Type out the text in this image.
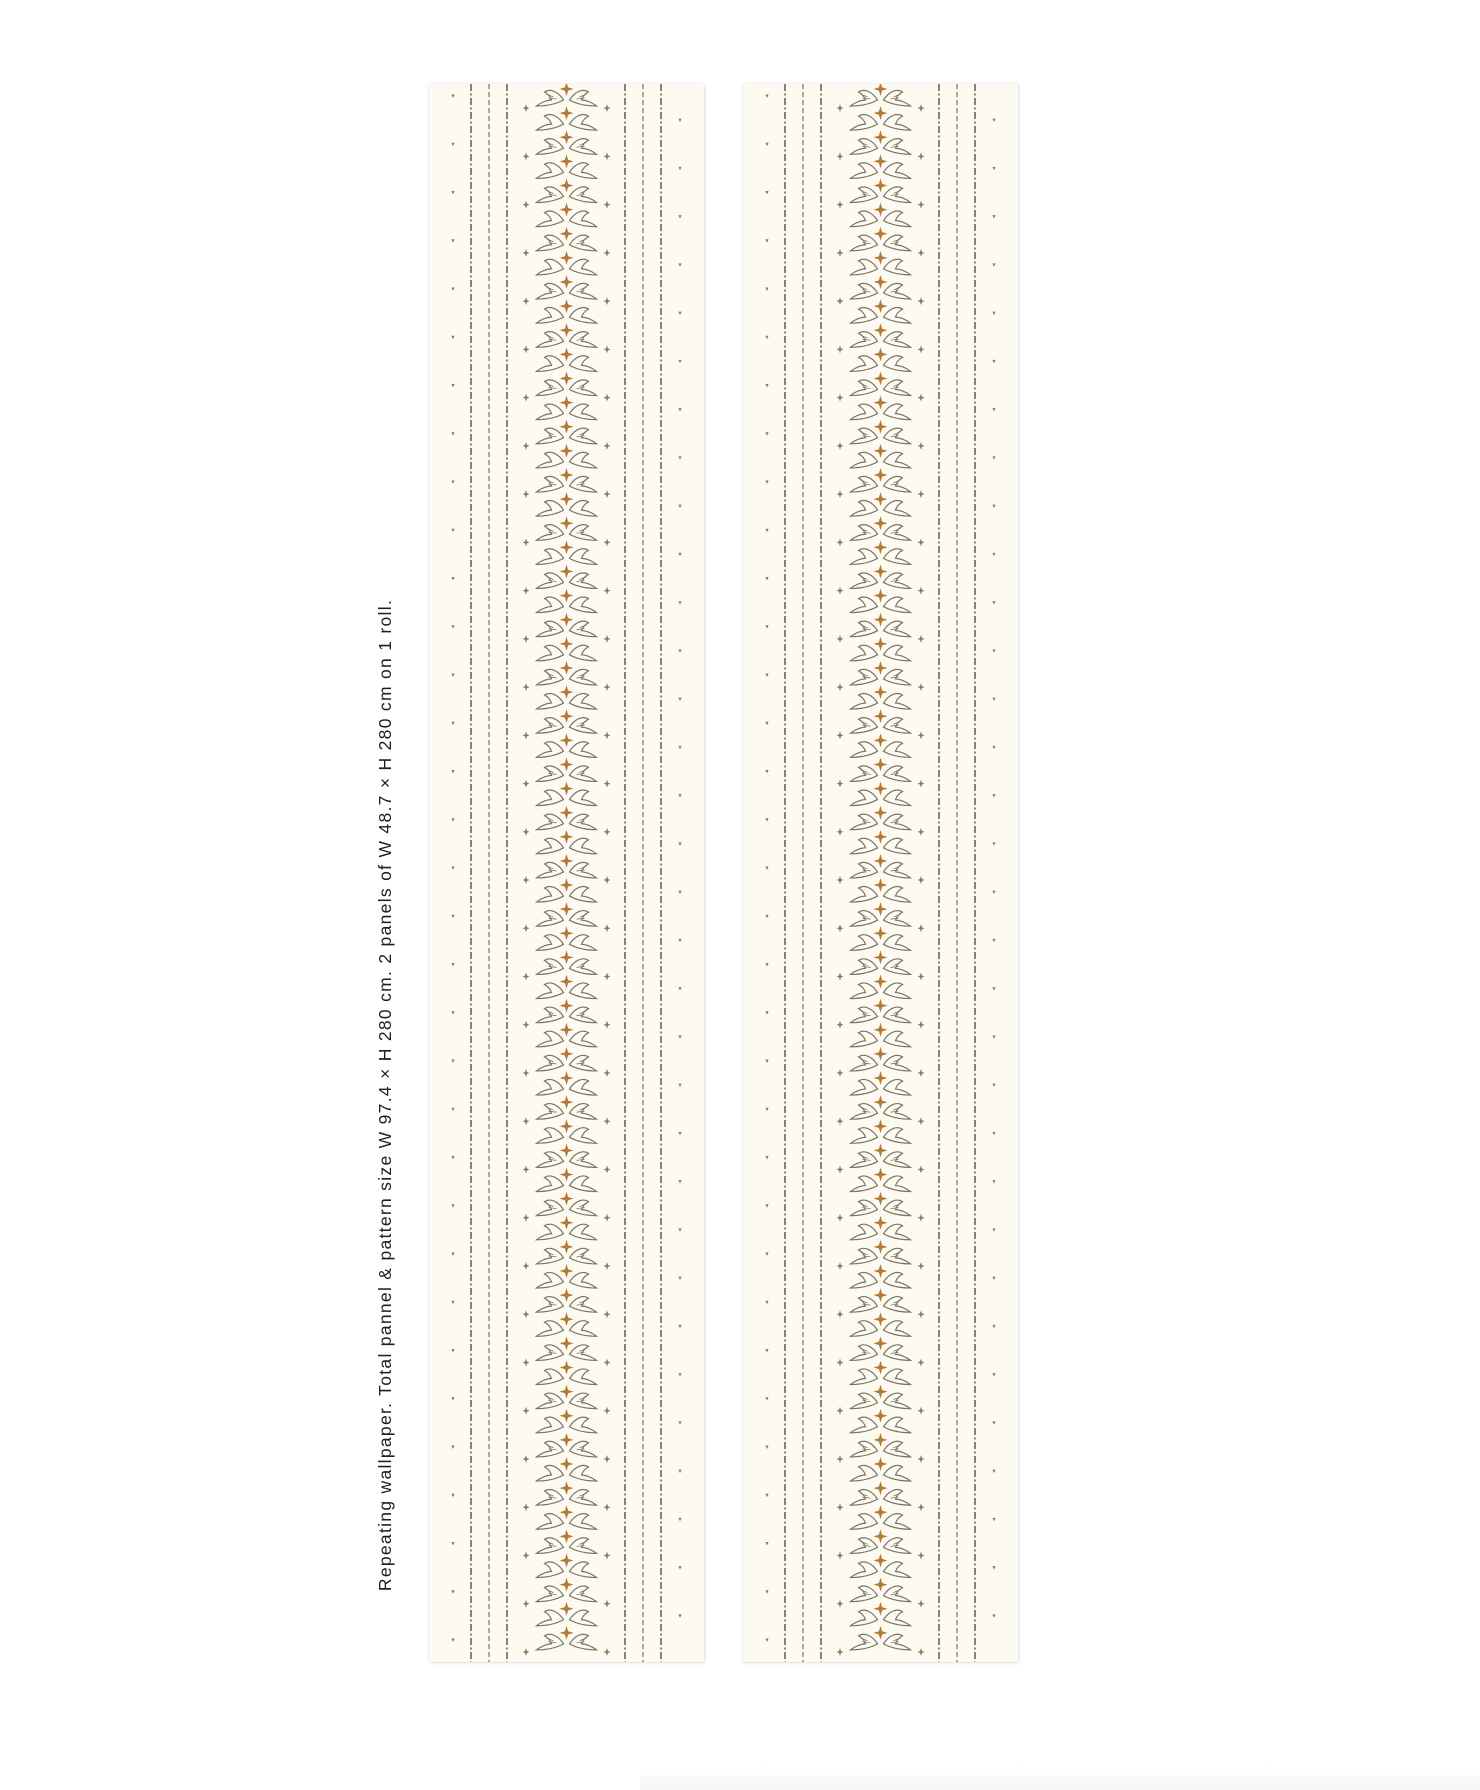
Repeating wallpaper. Total pannel & pattern size W 97.4 × H 280 cm. 2 panels of W 48.7 × H 280 cm on 1 roll.
